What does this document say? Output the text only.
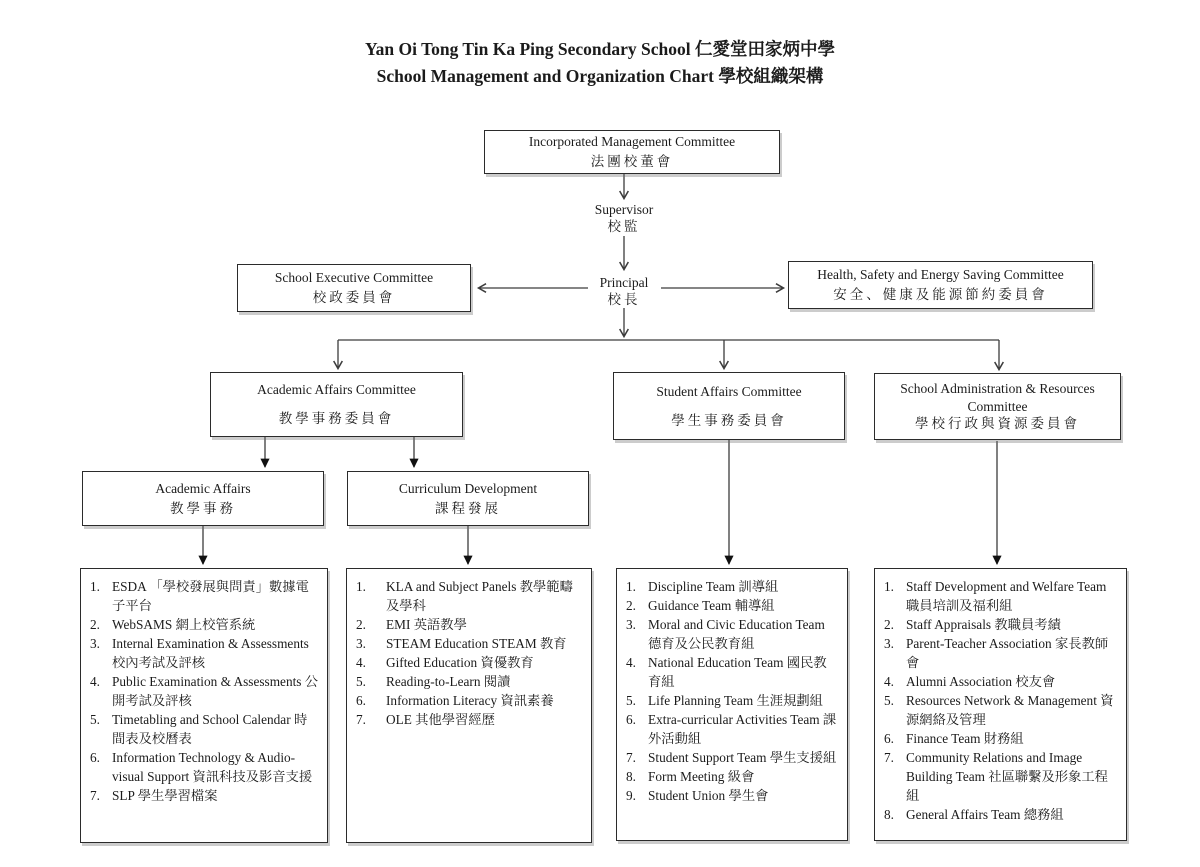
Yan Oi Tong Tin Ka Ping Secondary School 仁愛堂田家炳中學
School Management and Organization Chart 學校組織架構
Incorporated Management Committee
法團校董會
Supervisor
校監
Principal
校長
School Executive Committee
校政委員會
Health, Safety and Energy Saving Committee
安全、健康及能源節約委員會
Academic Affairs Committee
教學事務委員會
Student Affairs Committee
學生事務委員會
School Administration & Resources
Committee
學校行政與資源委員會
Academic Affairs
教學事務
Curriculum Development
課程發展
1. ESDA 「學校發展與問責」數據電子平台
2. WebSAMS 網上校管系統
3. Internal Examination & Assessments 校內考試及評核
4. Public Examination & Assessments 公開考試及評核
5. Timetabling and School Calendar 時間表及校曆表
6. Information Technology & Audio-visual Support 資訊科技及影音支援
7. SLP 學生學習檔案
1.	KLA and Subject Panels 教學範疇及學科
2.	EMI 英語教學
3.	STEAM Education STEAM 教育
4.	Gifted Education 資優教育
5.	Reading-to-Learn 閱讀
6.	Information Literacy 資訊素養
7.	OLE 其他學習經歷
1. Discipline Team 訓導組
2. Guidance Team 輔導組
3. Moral and Civic Education Team 德育及公民教育組
4. National Education Team 國民教育組
5. Life Planning Team 生涯規劃組
6. Extra-curricular Activities Team 課外活動組
7. Student Support Team 學生支援組
8. Form Meeting 級會
9. Student Union 學生會
1. Staff Development and Welfare Team 職員培訓及福利組
2. Staff Appraisals 教職員考績
3. Parent-Teacher Association 家長教師會
4. Alumni Association 校友會
5. Resources Network & Management 資源網絡及管理
6. Finance Team 財務組
7. Community Relations and Image Building Team 社區聯繫及形象工程組
8. General Affairs Team 總務組
